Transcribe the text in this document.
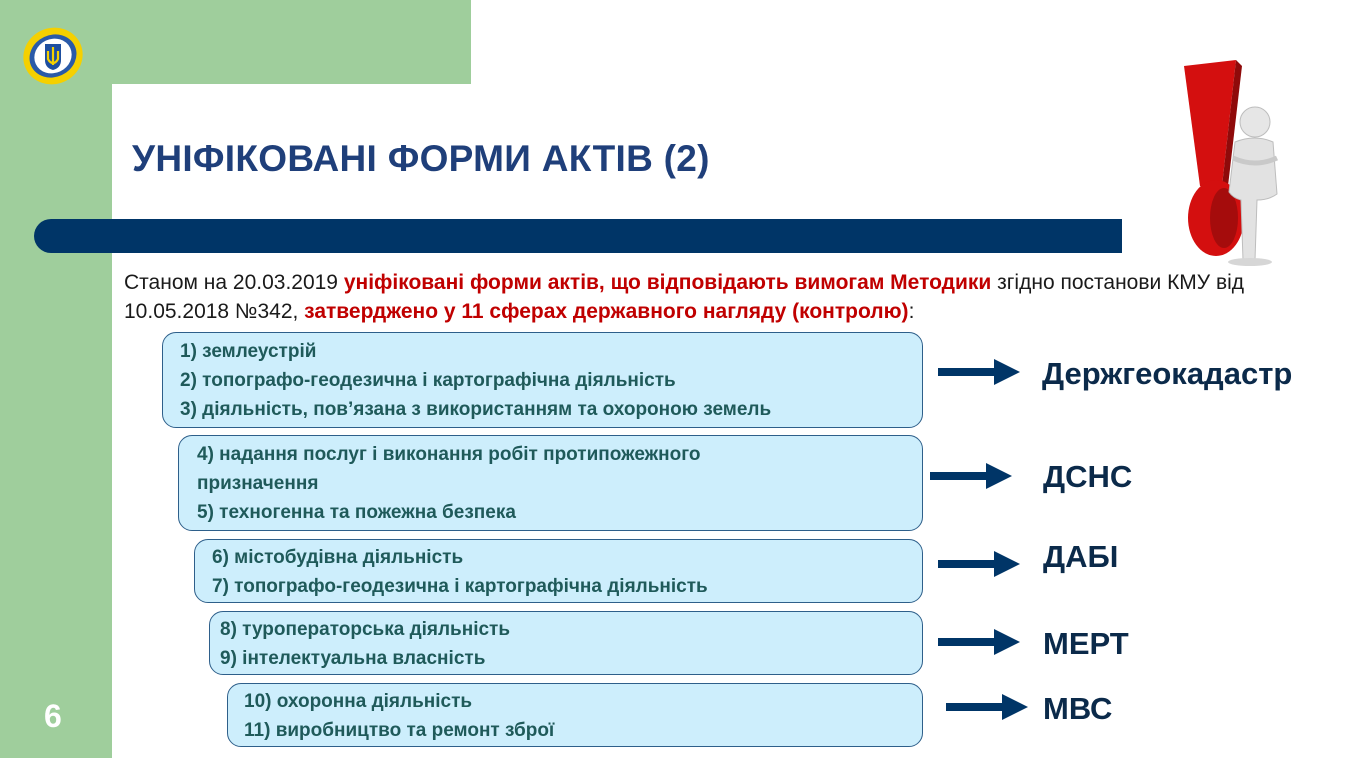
УНІФІКОВАНІ ФОРМИ АКТІВ (2)
Станом на 20.03.2019 уніфіковані форми актів, що відповідають вимогам Методики згідно постанови КМУ від 10.05.2018 №342, затверджено у 11 сферах державного нагляду (контролю):
1) землеустрій
2) топографо-геодезична і картографічна діяльність
3) діяльність, пов’язана з використанням та охороною земель
Держгеокадастр
4) надання послуг і виконання робіт протипожежного
призначення
5) техногенна та пожежна безпека
ДСНС
6) містобудівна діяльність
7) топографо-геодезична і картографічна діяльність
ДАБІ
8) туроператорська діяльність
9) інтелектуальна власність	МЕРТ
10) охоронна діяльність
11) виробництво та ремонт зброї
МВС
6
